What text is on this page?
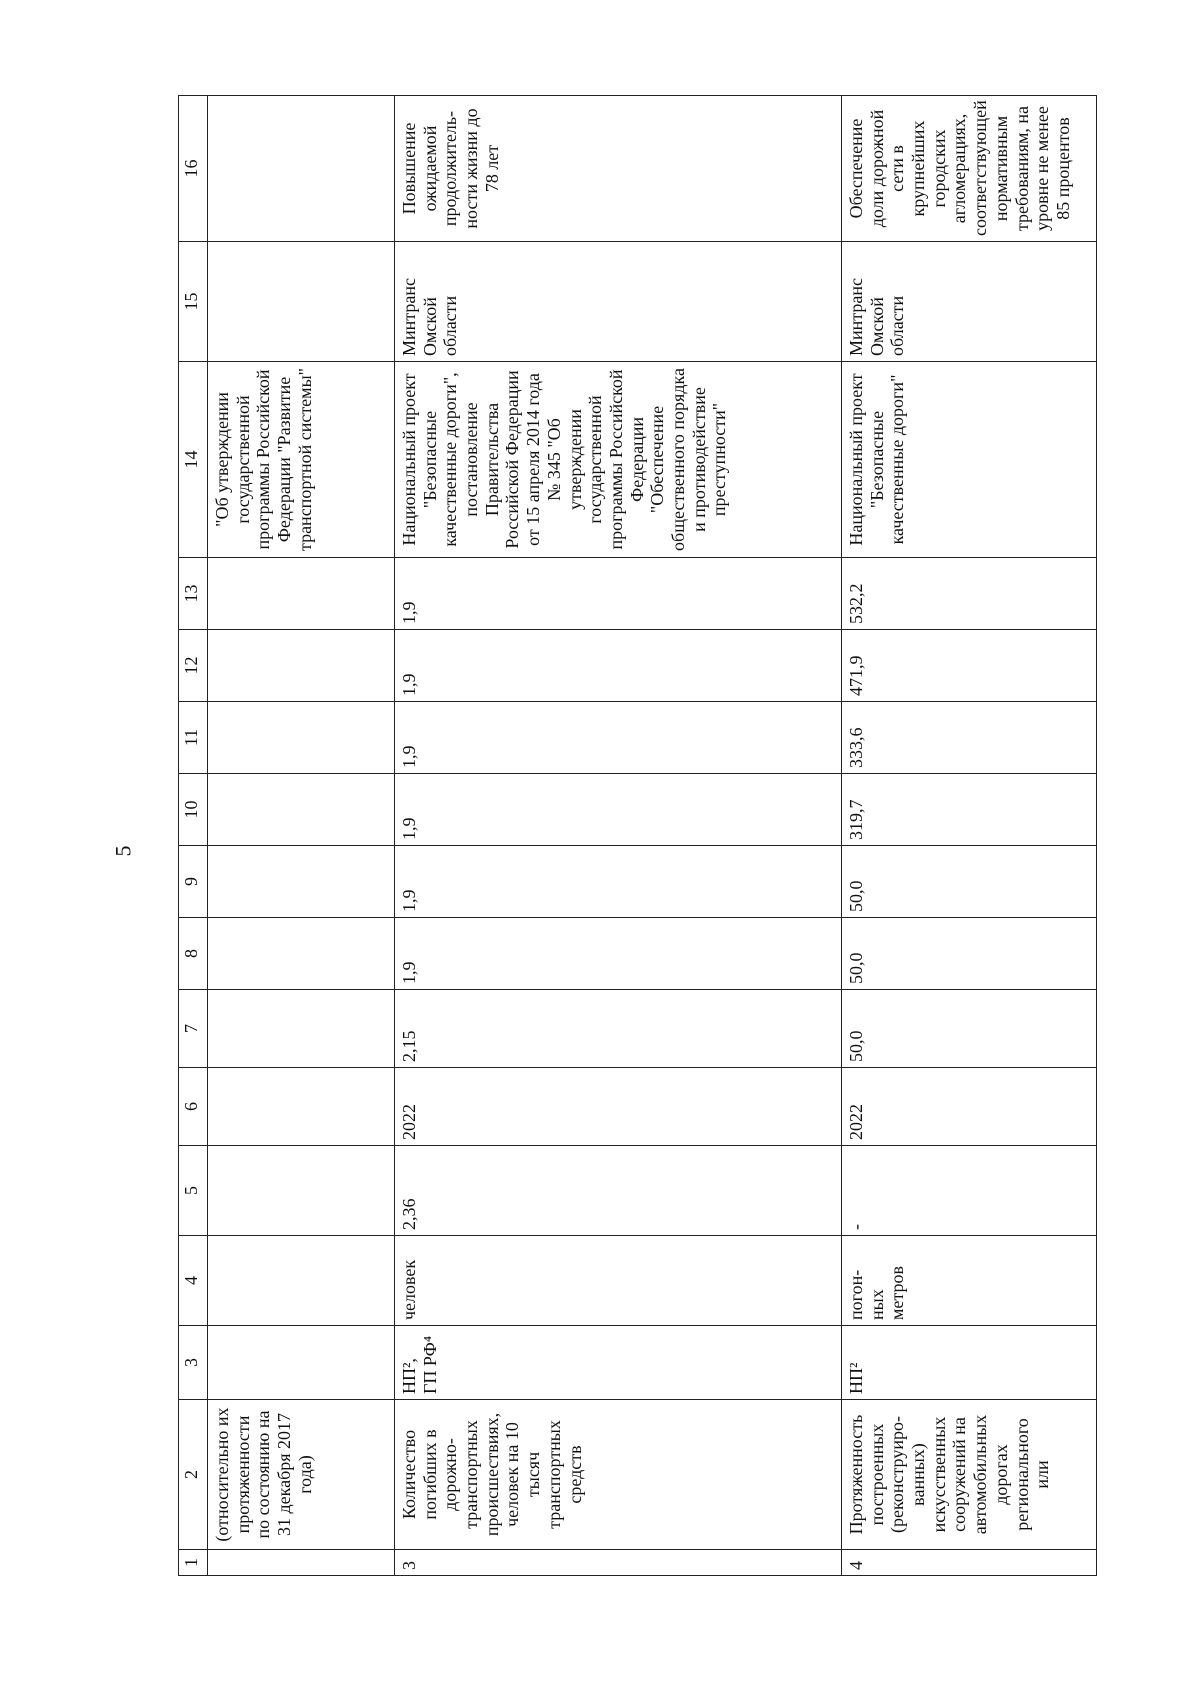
5
1	2	3	4	5	6	7	8	9	10	11	12	13	14	15	16
	(относительно их протяженности по состоянию на 31 декабря 2017 года)												"Об утверждении государственной программы Российской Федерации "Развитие транспортной системы"		
3	Количество погибших в дорожно-транспортных происшествиях, человек на 10 тысяч транспортных средств	НП², ГП РФ⁴	человек	2,36	2022	2,15	1,9	1,9	1,9	1,9	1,9	1,9	Национальный проект "Безопасные качественные дороги", постановление Правительства Российской Федерации от 15 апреля 2014 года № 345 "Об утверждении государственной программы Российской Федерации "Обеспечение общественного порядка и противодействие преступности"	Минтранс Омской области	Повышение ожидаемой продолжитель-ности жизни до 78 лет
4	Протяженность построенных (реконструиро-ванных) искусственных сооружений на автомобильных дорогах регионального или	НП²	погон-ных метров	-	2022	50,0	50,0	50,0	319,7	333,6	471,9	532,2	Национальный проект "Безопасные качественные дороги"	Минтранс Омской области	Обеспечение доли дорожной сети в крупнейших городских агломерациях, соответствующей нормативным требованиям, на уровне не менее 85 процентов
